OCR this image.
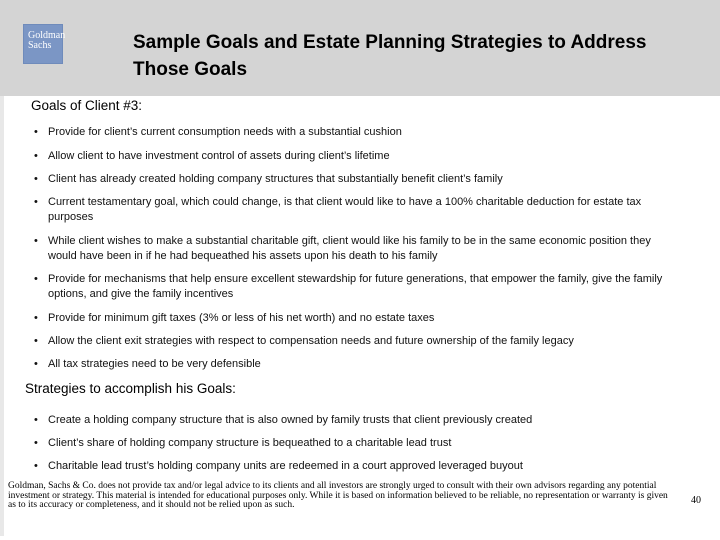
Goldman
Sachs	Sample Goals and Estate Planning Strategies to Address Those Goals

Goals of Client #3:

• Provide for client’s current consumption needs with a substantial cushion
• Allow client to have investment control of assets during client’s lifetime
• Client has already created holding company structures that substantially benefit client’s family
• Current testamentary goal, which could change, is that client would like to have a 100% charitable deduction for estate tax purposes
• While client wishes to make a substantial charitable gift, client would like his family to be in the same economic position they would have been in if he had bequeathed his assets upon his death to his family
• Provide for mechanisms that help ensure excellent stewardship for future generations, that empower the family, give the family options, and give the family incentives
• Provide for minimum gift taxes (3% or less of his net worth) and no estate taxes
• Allow the client exit strategies with respect to compensation needs and future ownership of the family legacy
• All tax strategies need to be very defensible

Strategies to accomplish his Goals:

• Create a holding company structure that is also owned by family trusts that client previously created
• Client’s share of holding company structure is bequeathed to a charitable lead trust
• Charitable lead trust’s holding company units are redeemed in a court approved leveraged buyout

Goldman, Sachs & Co. does not provide tax and/or legal advice to its clients and all investors are strongly urged to consult with their own advisors regarding any potential investment or strategy. This material is intended for educational purposes only. While it is based on information believed to be reliable, no representation or warranty is given as to its accuracy or completeness, and it should not be relied upon as such.	40
